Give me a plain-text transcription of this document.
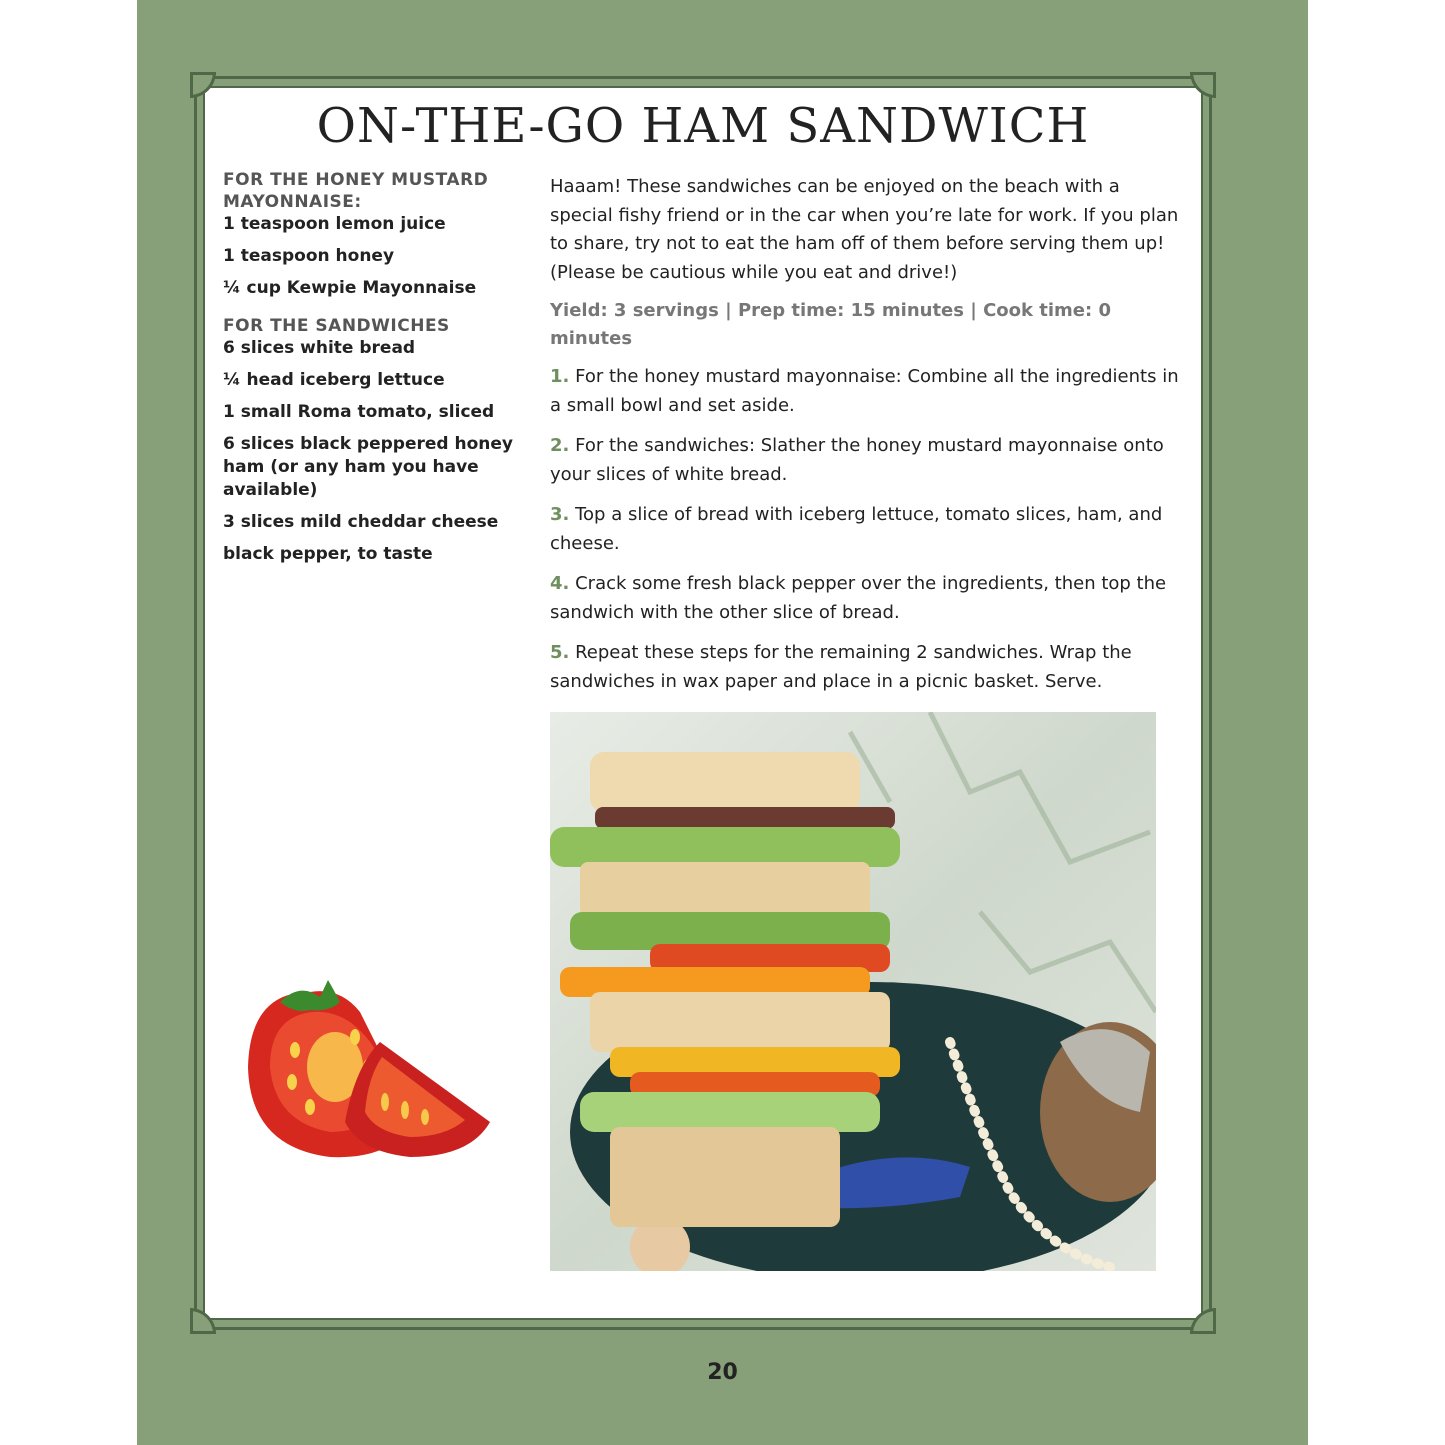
ON-THE-GO HAM SANDWICH
FOR THE HONEY MUSTARD MAYONNAISE:
1 teaspoon lemon juice
1 teaspoon honey
¼ cup Kewpie Mayonnaise
FOR THE SANDWICHES
6 slices white bread
¼ head iceberg lettuce
1 small Roma tomato, sliced
6 slices black peppered honey ham (or any ham you have available)
3 slices mild cheddar cheese
black pepper, to taste

Haaam! These sandwiches can be enjoyed on the beach with a special fishy friend or in the car when you’re late for work. If you plan to share, try not to eat the ham off of them before serving them up! (Please be cautious while you eat and drive!)

Yield: 3 servings | Prep time: 15 minutes | Cook time: 0 minutes

1. For the honey mustard mayonnaise: Combine all the ingredients in a small bowl and set aside.

2. For the sandwiches: Slather the honey mustard mayonnaise onto your slices of white bread.

3. Top a slice of bread with iceberg lettuce, tomato slices, ham, and cheese.

4. Crack some fresh black pepper over the ingredients, then top the sandwich with the other slice of bread.

5. Repeat these steps for the remaining 2 sandwiches. Wrap the sandwiches in wax paper and place in a picnic basket. Serve.

20
